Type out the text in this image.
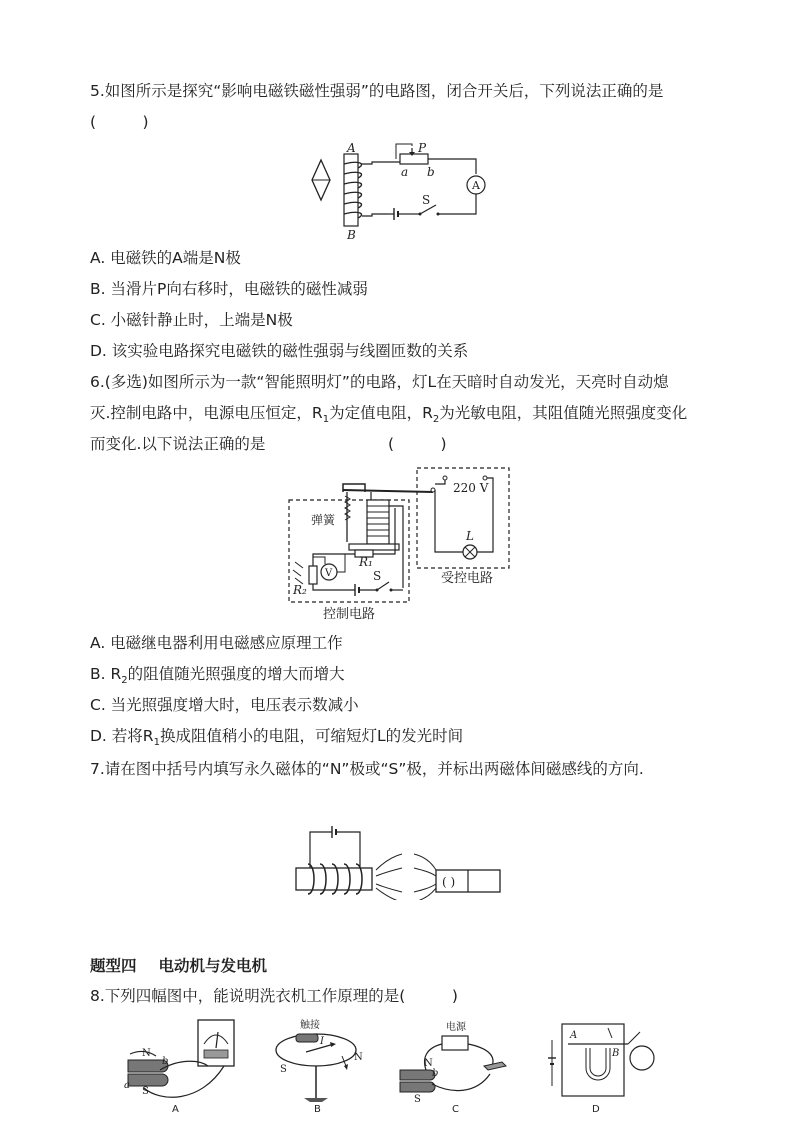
5.如图所示是探究“影响电磁铁磁性强弱”的电路图，闭合开关后，下列说法正确的是
(　　　)
A
A
B
P
a b
S
A. 电磁铁的A端是N极
B. 当滑片P向右移时，电磁铁的磁性减弱
C. 小磁针静止时，上端是N极
D. 该实验电路探究电磁铁的磁性强弱与线圈匝数的关系
6.(多选)如图所示为一款“智能照明灯”的电路，灯L在天暗时自动发光，天亮时自动熄
灭.控制电路中，电源电压恒定，$R_1$为定值电阻，$R_2$为光敏电阻，其阻值随光照强度变化
而变化.以下说法正确的是	(　　　)
V
220 V
L
弹簧
R₁
R₂
S
控制电路
受控电路
A. 电磁继电器利用电磁感应原理工作
B. $R_2$的阻值随光照强度的增大而增大
C. 当光照强度增大时，电压表示数减小
D. 若将$R_1$换成阻值稍小的电阻，可缩短灯L的发光时间
7.请在图中括号内填写永久磁体的“N”极或“S”极，并标出两磁体间磁感线的方向.
( )
题型四 电动机与发电机
8.下列四幅图中，能说明洗衣机工作原理的是(　　　)
N
S
a
b
A
触接
I
N
S
B
电源
N
S
b
C
A
B
D
